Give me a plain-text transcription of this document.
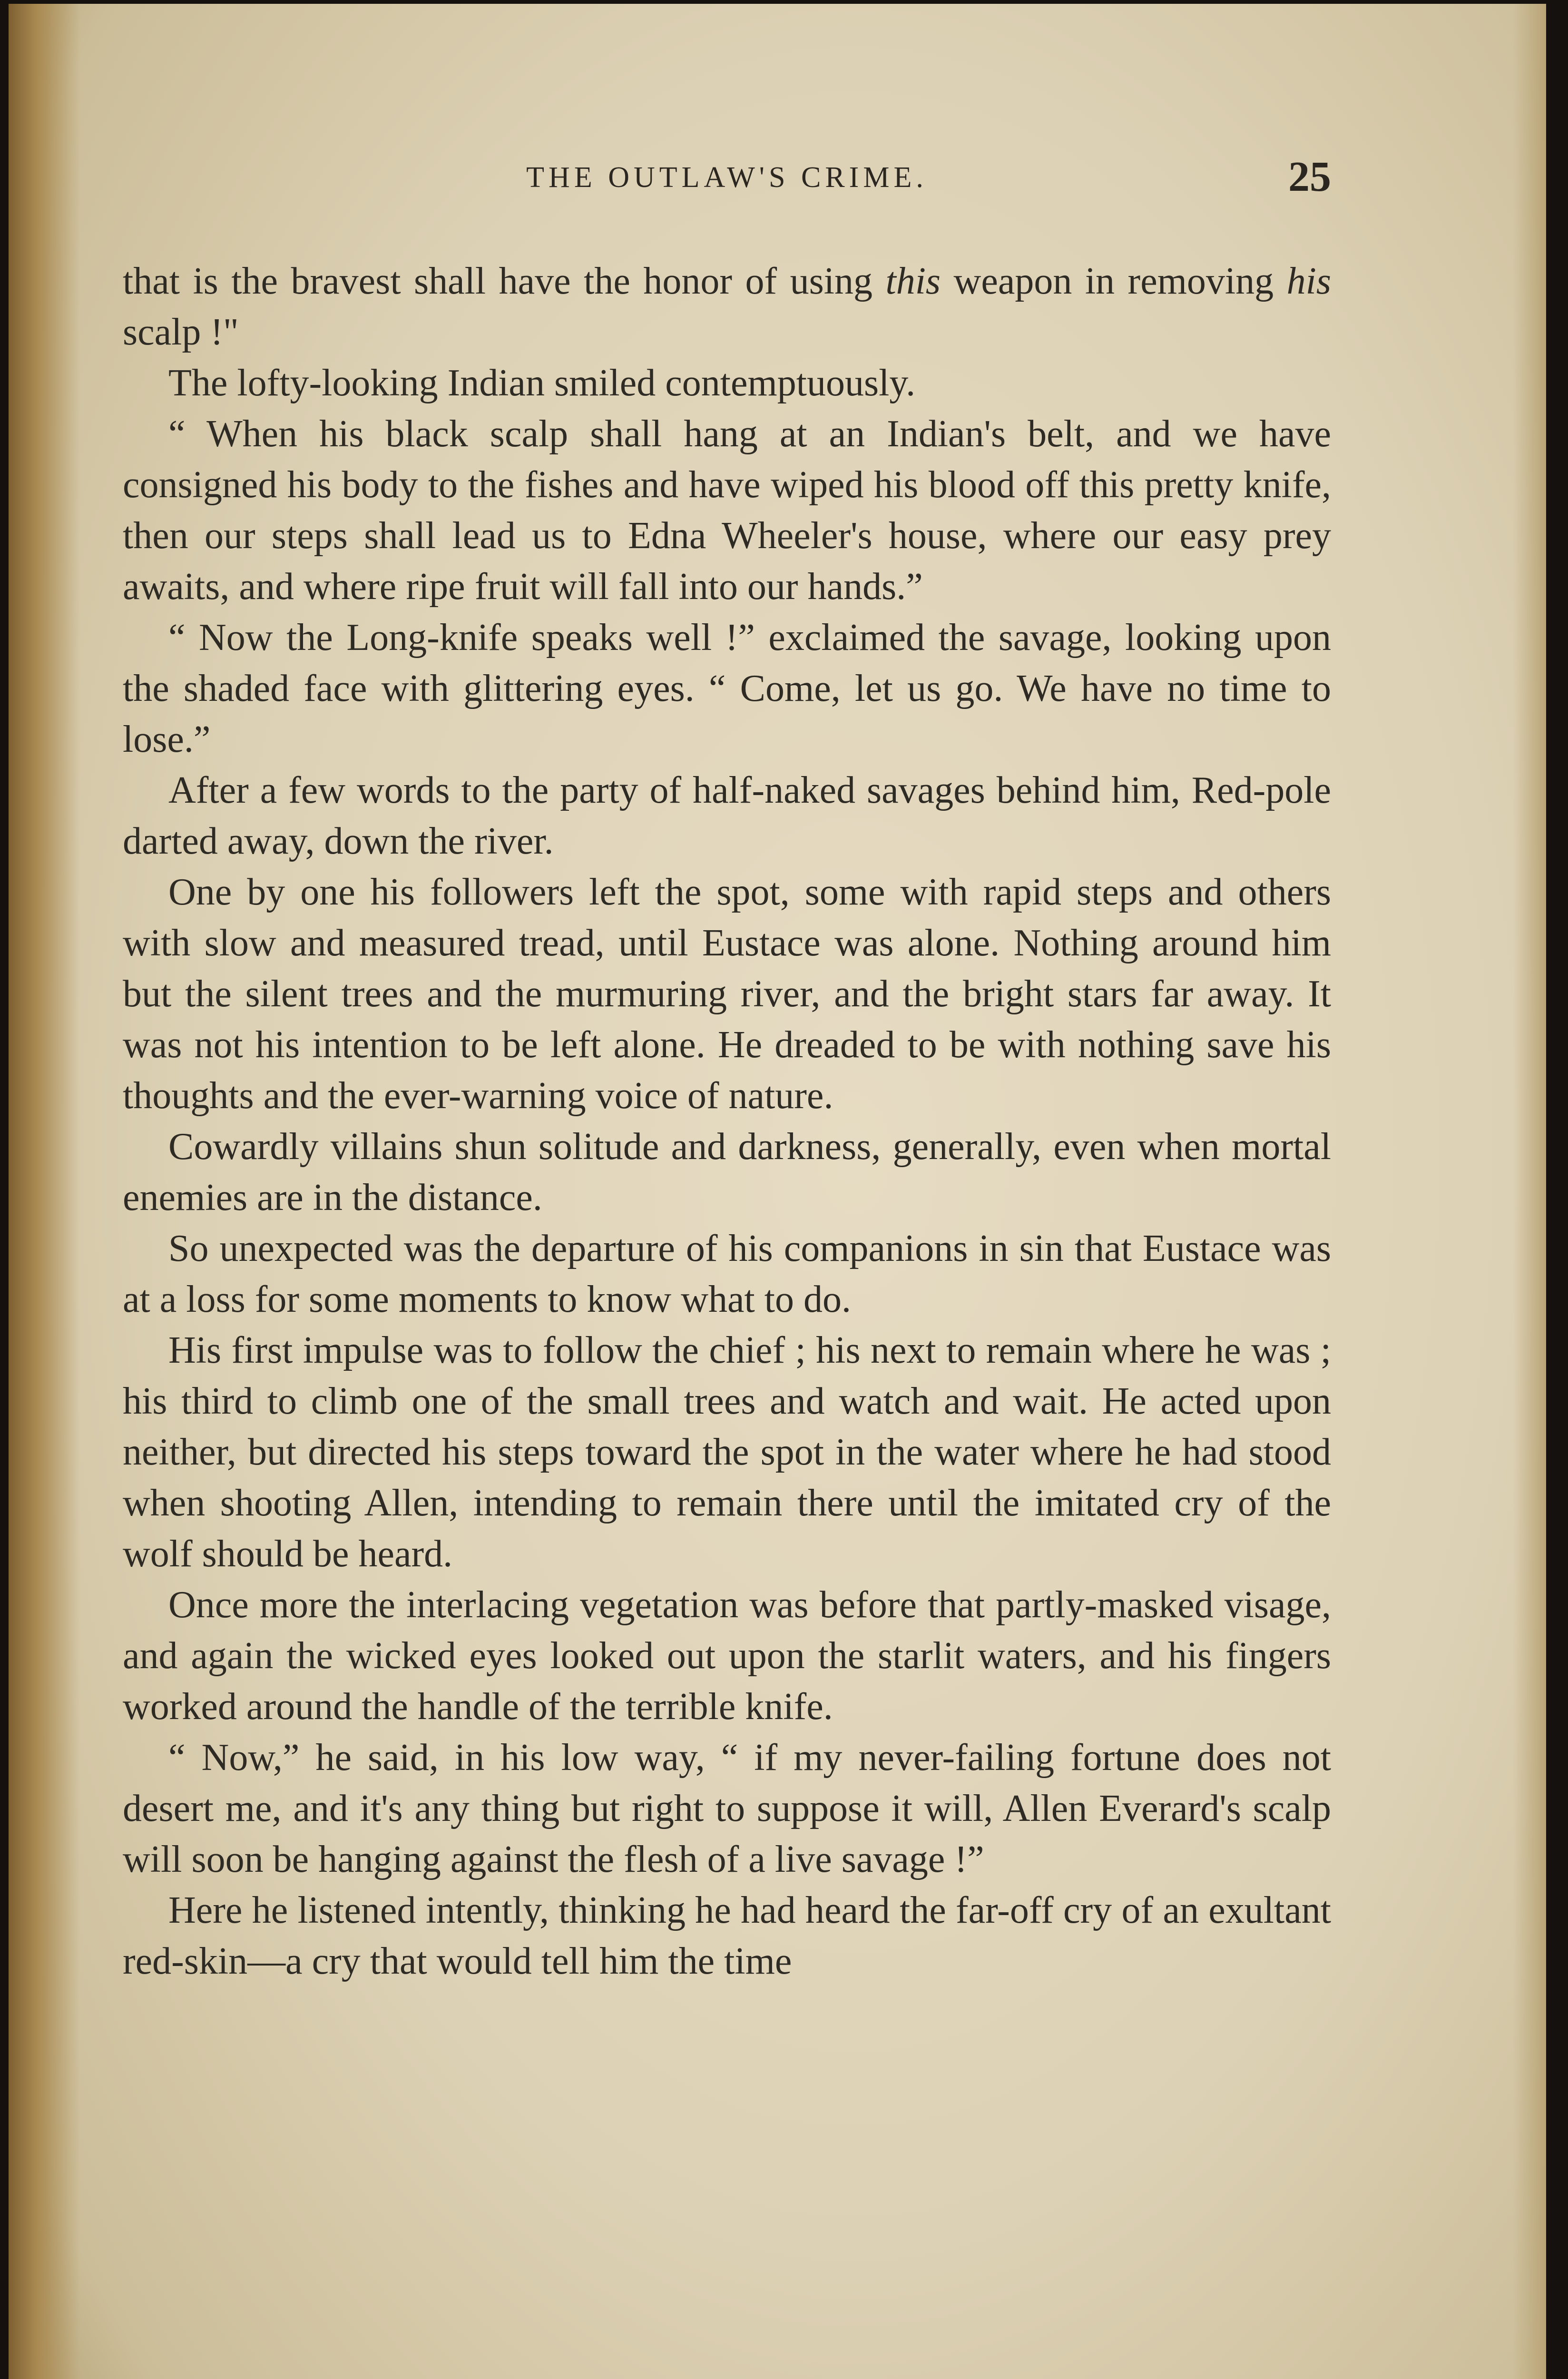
THE OUTLAW'S CRIME.	25

that is the bravest shall have the honor of using this weapon in removing his scalp !"

The lofty-looking Indian smiled contemptuously.

“ When his black scalp shall hang at an Indian's belt, and we have consigned his body to the fishes and have wiped his blood off this pretty knife, then our steps shall lead us to Edna Wheeler's house, where our easy prey awaits, and where ripe fruit will fall into our hands.”

“ Now the Long-knife speaks well !” exclaimed the savage, looking upon the shaded face with glittering eyes. “ Come, let us go. We have no time to lose.”

After a few words to the party of half-naked savages behind him, Red-pole darted away, down the river.

One by one his followers left the spot, some with rapid steps and others with slow and measured tread, until Eustace was alone. Nothing around him but the silent trees and the murmuring river, and the bright stars far away. It was not his intention to be left alone. He dreaded to be with nothing save his thoughts and the ever-warning voice of nature.

Cowardly villains shun solitude and darkness, generally, even when mortal enemies are in the distance.

So unexpected was the departure of his companions in sin that Eustace was at a loss for some moments to know what to do.

His first impulse was to follow the chief ; his next to remain where he was ; his third to climb one of the small trees and watch and wait. He acted upon neither, but directed his steps toward the spot in the water where he had stood when shooting Allen, intending to remain there until the imitated cry of the wolf should be heard.

Once more the interlacing vegetation was before that partly-masked visage, and again the wicked eyes looked out upon the starlit waters, and his fingers worked around the handle of the terrible knife.

“ Now,” he said, in his low way, “ if my never-failing fortune does not desert me, and it's any thing but right to suppose it will, Allen Everard's scalp will soon be hanging against the flesh of a live savage !”

Here he listened intently, thinking he had heard the far-off cry of an exultant red-skin—a cry that would tell him the time
